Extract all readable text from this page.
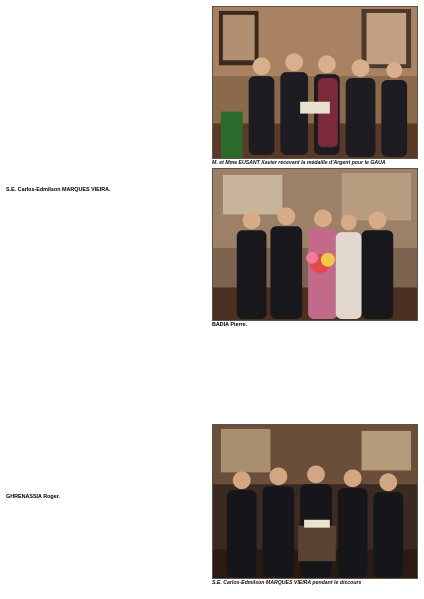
M. et Mme EUSANT Xavier recevant la médaille d'Argent pour le GAUA
S.E. Carlos-Edmilson MARQUES VIEIRA pendant le discours
S.E. Carlos-Edmilson MARQUES VIEIRA.
GHRENASSIA Roger.
BADIA Pierre.
